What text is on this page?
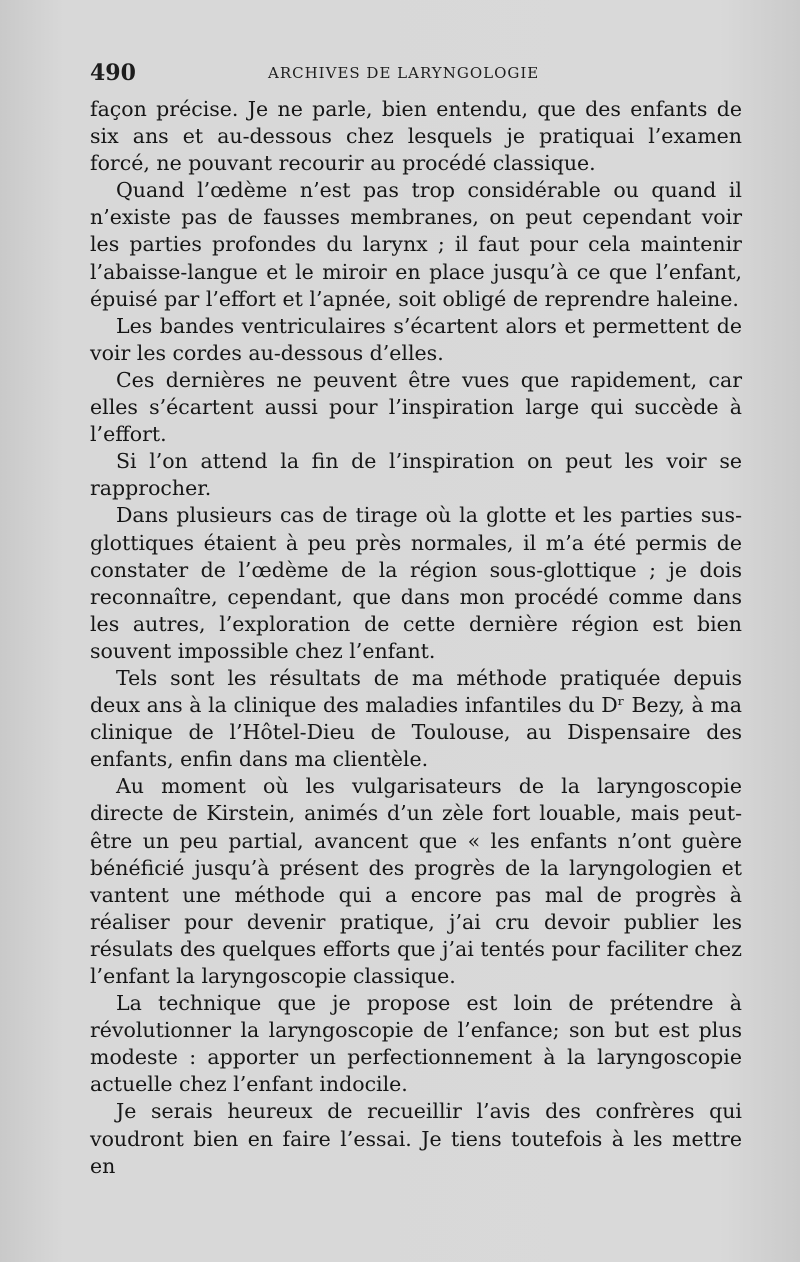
490	ARCHIVES DE LARYNGOLOGIE

façon précise. Je ne parle, bien entendu, que des enfants de six ans et au-dessous chez lesquels je pratiquai l’examen forcé, ne pouvant recourir au procédé classique.

Quand l’œdème n’est pas trop considérable ou quand il n’existe pas de fausses membranes, on peut cependant voir les parties profondes du larynx ; il faut pour cela maintenir l’abaisse-langue et le miroir en place jusqu’à ce que l’enfant, épuisé par l’effort et l’apnée, soit obligé de reprendre haleine.

Les bandes ventriculaires s’écartent alors et permettent de voir les cordes au-dessous d’elles.

Ces dernières ne peuvent être vues que rapidement, car elles s’écartent aussi pour l’inspiration large qui succède à l’effort.

Si l’on attend la fin de l’inspiration on peut les voir se rapprocher.

Dans plusieurs cas de tirage où la glotte et les parties sus-glottiques étaient à peu près normales, il m’a été permis de constater de l’œdème de la région sous-glottique ; je dois reconnaître, cependant, que dans mon procédé comme dans les autres, l’exploration de cette dernière région est bien souvent impossible chez l’enfant.

Tels sont les résultats de ma méthode pratiquée depuis deux ans à la clinique des maladies infantiles du Dʳ Bezy, à ma clinique de l’Hôtel-Dieu de Toulouse, au Dispensaire des enfants, enfin dans ma clientèle.

Au moment où les vulgarisateurs de la laryngoscopie directe de Kirstein, animés d’un zèle fort louable, mais peut-être un peu partial, avancent que « les enfants n’ont guère bénéficié jusqu’à présent des progrès de la laryngologien et vantent une méthode qui a encore pas mal de progrès à réaliser pour devenir pratique, j’ai cru devoir publier les résulats des quelques efforts que j’ai tentés pour faciliter chez l’enfant la laryngoscopie classique.

La technique que je propose est loin de prétendre à révolutionner la laryngoscopie de l’enfance; son but est plus modeste : apporter un perfectionnement à la laryngoscopie actuelle chez l’enfant indocile.

Je serais heureux de recueillir l’avis des confrères qui voudront bien en faire l’essai. Je tiens toutefois à les mettre en
